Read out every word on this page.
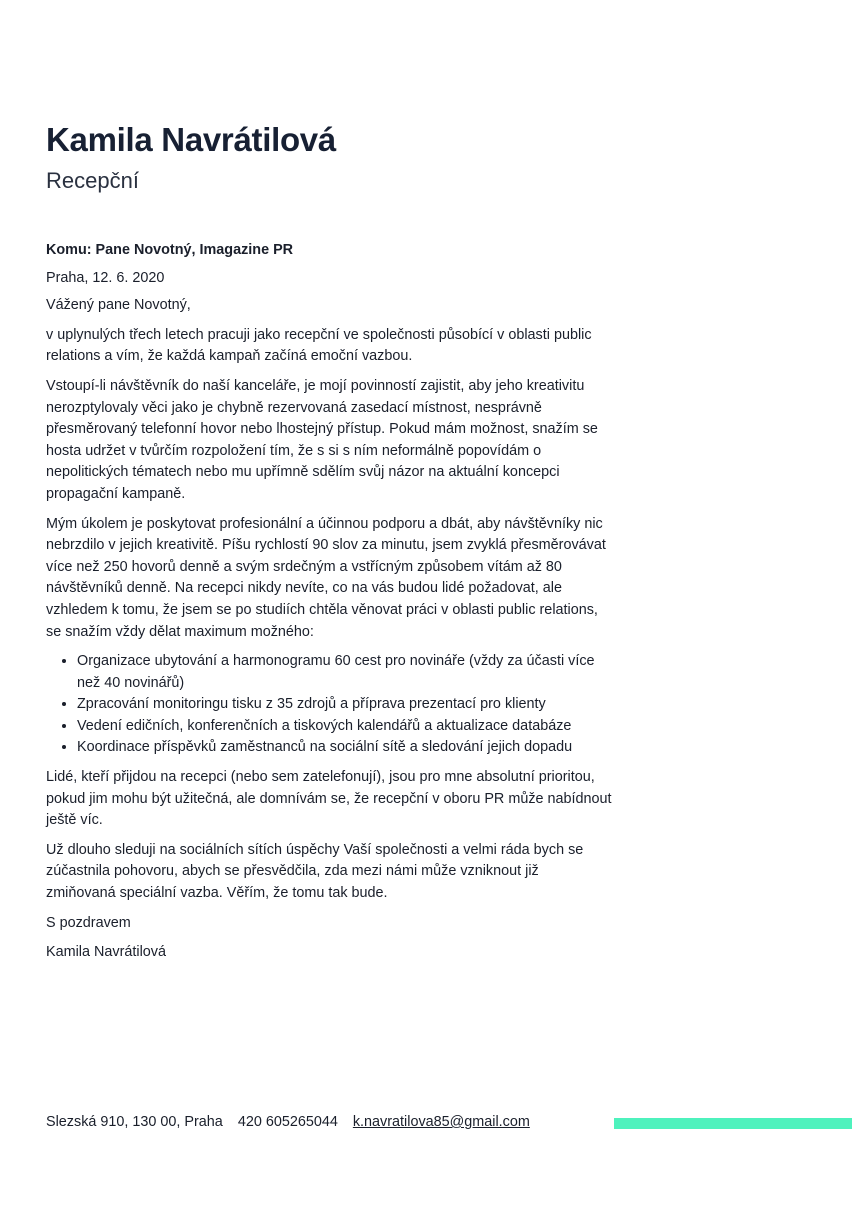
Kamila Navrátilová
Recepční

Komu: Pane Novotný, Imagazine PR

Praha, 12. 6. 2020

Vážený pane Novotný,

v uplynulých třech letech pracuji jako recepční ve společnosti působící v oblasti public relations a vím, že každá kampaň začíná emoční vazbou.

Vstoupí-li návštěvník do naší kanceláře, je mojí povinností zajistit, aby jeho kreativitu nerozptylovaly věci jako je chybně rezervovaná zasedací místnost, nesprávně přesměrovaný telefonní hovor nebo lhostejný přístup. Pokud mám možnost, snažím se hosta udržet v tvůrčím rozpoložení tím, že s si s ním neformálně popovídám o nepolitických tématech nebo mu upřímně sdělím svůj názor na aktuální koncepci propagační kampaně.

Mým úkolem je poskytovat profesionální a účinnou podporu a dbát, aby návštěvníky nic nebrzdilo v jejich kreativitě. Píšu rychlostí 90 slov za minutu, jsem zvyklá přesměrovávat více než 250 hovorů denně a svým srdečným a vstřícným způsobem vítám až 80 návštěvníků denně. Na recepci nikdy nevíte, co na vás budou lidé požadovat, ale vzhledem k tomu, že jsem se po studiích chtěla věnovat práci v oblasti public relations, se snažím vždy dělat maximum možného:

• Organizace ubytování a harmonogramu 60 cest pro novináře (vždy za účasti více než 40 novinářů)
• Zpracování monitoringu tisku z 35 zdrojů a příprava prezentací pro klienty
• Vedení edičních, konferenčních a tiskových kalendářů a aktualizace databáze
• Koordinace příspěvků zaměstnanců na sociální sítě a sledování jejich dopadu

Lidé, kteří přijdou na recepci (nebo sem zatelefonují), jsou pro mne absolutní prioritou, pokud jim mohu být užitečná, ale domnívám se, že recepční v oboru PR může nabídnout ještě víc.

Už dlouho sleduji na sociálních sítích úspěchy Vaší společnosti a velmi ráda bych se zúčastnila pohovoru, abych se přesvědčila, zda mezi námi může vzniknout již zmiňovaná speciální vazba. Věřím, že tomu tak bude.

S pozdravem

Kamila Navrátilová

Slezská 910, 130 00, Praha 420 605265044 k.navratilova85@gmail.com
